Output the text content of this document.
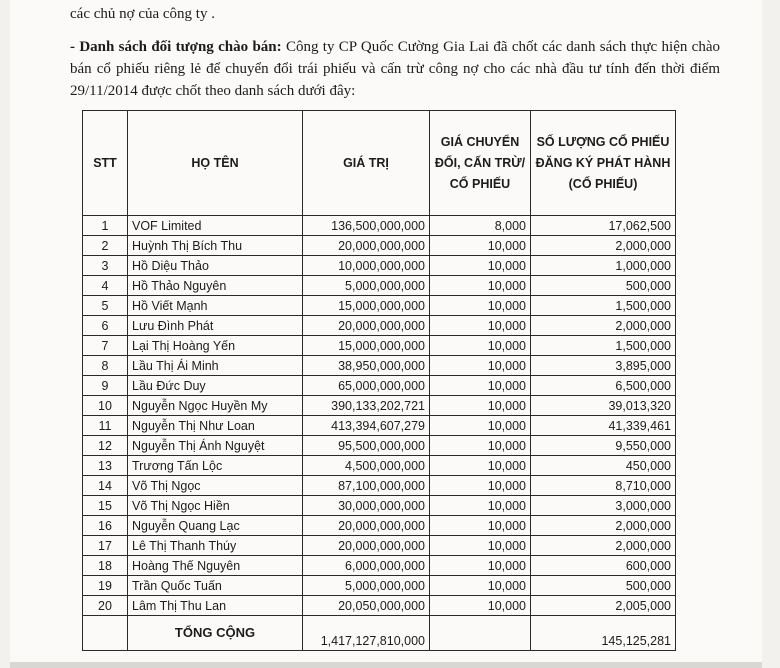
các chủ nợ của công ty .
- Danh sách đối tượng chào bán: Công ty CP Quốc Cường Gia Lai đã chốt các danh sách thực hiện chào bán cổ phiếu riêng lẻ để chuyển đổi trái phiếu và cấn trừ công nợ cho các nhà đầu tư tính đến thời điểm 29/11/2014 được chốt theo danh sách dưới đây:
STT	HỌ TÊN	GIÁ TRỊ	GIÁ CHUYỂN ĐỔI, CẤN TRỪ/ CỔ PHIẾU	SỐ LƯỢNG CỔ PHIẾU ĐĂNG KÝ PHÁT HÀNH (CỔ PHIẾU)
1	VOF Limited	136,500,000,000	8,000	17,062,500
2	Huỳnh Thị Bích Thu	20,000,000,000	10,000	2,000,000
3	Hồ Diệu Thảo	10,000,000,000	10,000	1,000,000
4	Hồ Thảo Nguyên	5,000,000,000	10,000	500,000
5	Hồ Viết Mạnh	15,000,000,000	10,000	1,500,000
6	Lưu Đình Phát	20,000,000,000	10,000	2,000,000
7	Lại Thị Hoàng Yến	15,000,000,000	10,000	1,500,000
8	Lầu Thị Ái Minh	38,950,000,000	10,000	3,895,000
9	Lầu Đức Duy	65,000,000,000	10,000	6,500,000
10	Nguyễn Ngọc Huyền My	390,133,202,721	10,000	39,013,320
11	Nguyễn Thị Như Loan	413,394,607,279	10,000	41,339,461
12	Nguyễn Thị Ánh Nguyệt	95,500,000,000	10,000	9,550,000
13	Trương Tấn Lộc	4,500,000,000	10,000	450,000
14	Võ Thị Ngọc	87,100,000,000	10,000	8,710,000
15	Võ Thị Ngọc Hiền	30,000,000,000	10,000	3,000,000
16	Nguyễn Quang Lạc	20,000,000,000	10,000	2,000,000
17	Lê Thị Thanh Thúy	20,000,000,000	10,000	2,000,000
18	Hoàng Thế Nguyên	6,000,000,000	10,000	600,000
19	Trần Quốc Tuấn	5,000,000,000	10,000	500,000
20	Lâm Thị Thu Lan	20,050,000,000	10,000	2,005,000
	TỔNG CỘNG	1,417,127,810,000		145,125,281
